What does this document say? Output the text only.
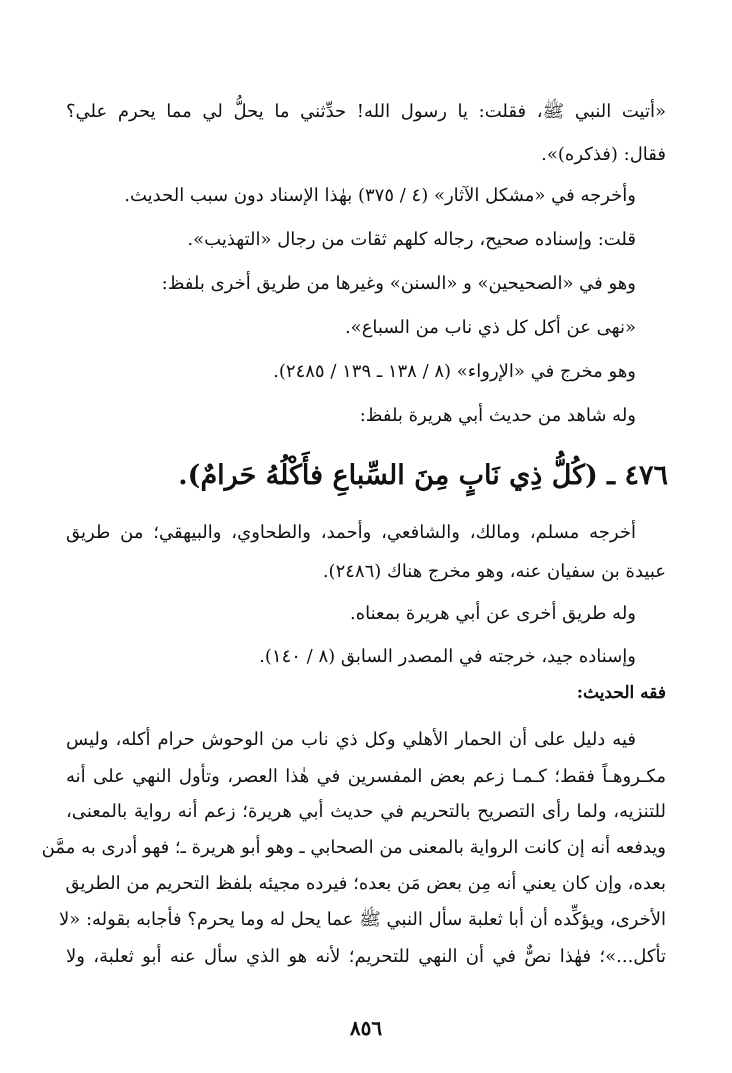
«أتيت النبي ﷺ، فقلت: يا رسول الله! حدِّثني ما يحلُّ لي مما يحرم علي؟
فقال: (فذكره)».
وأخرجه في «مشكل الآثار» (٤ / ٣٧٥) بهٰذا الإسناد دون سبب الحديث.
قلت: وإسناده صحيح، رجاله كلهم ثقات من رجال «التهذيب».
وهو في «الصحيحين» و «السنن» وغيرها من طريق أخرى بلفظ:
«نهى عن أكل كل ذي ناب من السباع».
وهو مخرج في «الإرواء» (٨ / ١٣٨ ـ ١٣٩ / ٢٤٨٥).
وله شاهد من حديث أبي هريرة بلفظ:
٤٧٦ ـ (كُلُّ ذِي نَابٍ مِنَ السِّباعِ فأَكْلُهُ حَرامٌ).
أخرجه مسلم، ومالك، والشافعي، وأحمد، والطحاوي، والبيهقي؛ من طريق
عبيدة بن سفيان عنه، وهو مخرج هناك (٢٤٨٦).
وله طريق أخرى عن أبي هريرة بمعناه.
وإسناده جيد، خرجته في المصدر السابق (٨ / ١٤٠).
فقه الحديث:
فيه دليل على أن الحمار الأهلي وكل ذي ناب من الوحوش حرام أكله، وليس
مكـروهـاً فقط؛ كـمـا زعم بعض المفسرين في هٰذا العصر، وتأول النهي على أنه
للتنزيه، ولما رأى التصريح بالتحريم في حديث أبي هريرة؛ زعم أنه رواية بالمعنى،
ويدفعه أنه إن كانت الرواية بالمعنى من الصحابي ـ وهو أبو هريرة ـ؛ فهو أدرى به ممَّن
بعده، وإن كان يعني أنه مِن بعض مَن بعده؛ فيرده مجيئه بلفظ التحريم من الطريق
الأخرى، ويؤكِّده أن أبا ثعلبة سأل النبي ﷺ عما يحل له وما يحرم؟ فأجابه بقوله: «لا
تأكل...»؛ فهٰذا نصٌّ في أن النهي للتحريم؛ لأنه هو الذي سأل عنه أبو ثعلبة، ولا
٨٥٦
